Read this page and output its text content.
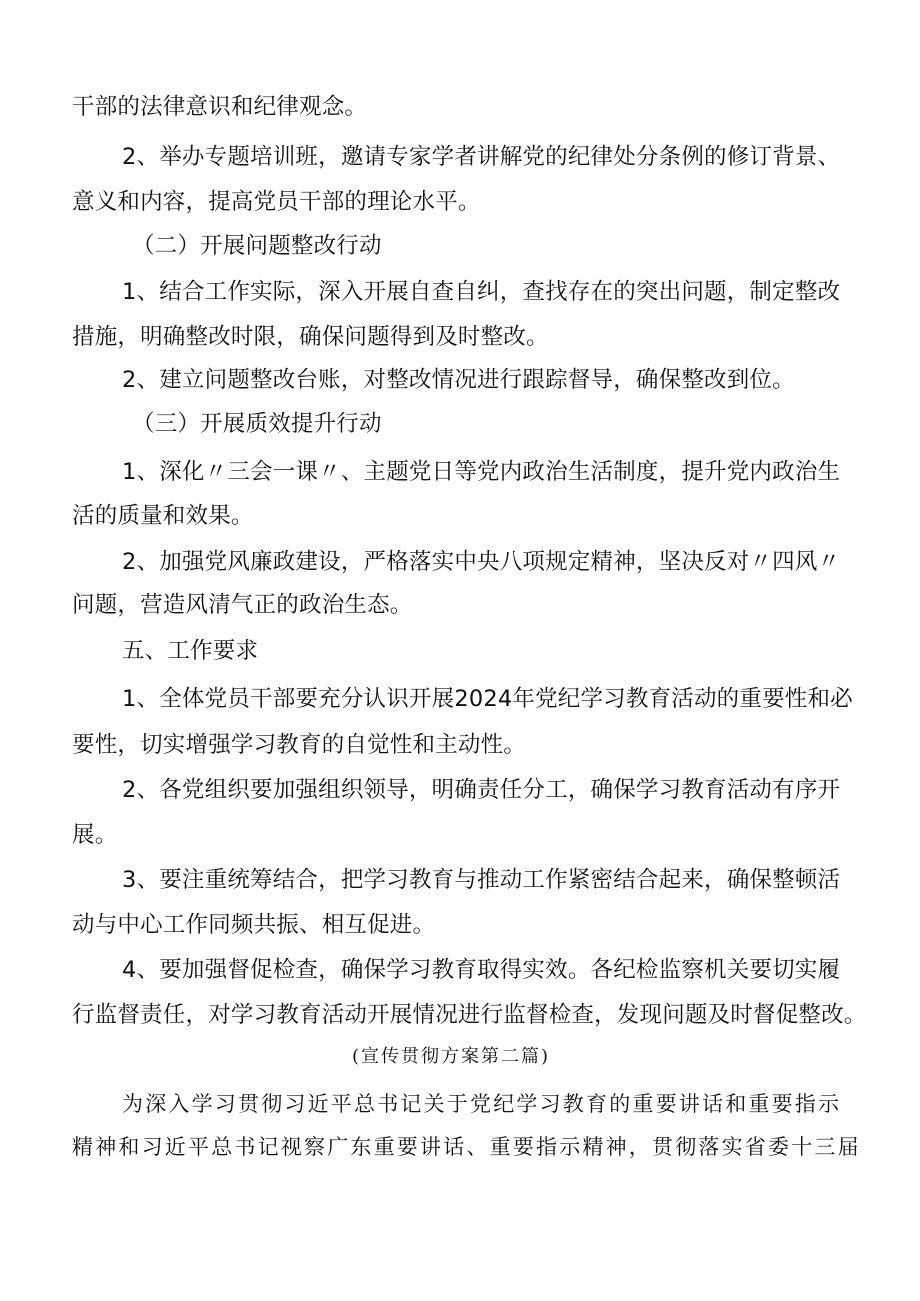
干部的法律意识和纪律观念。
2、举办专题培训班，邀请专家学者讲解党的纪律处分条例的修订背景、
意义和内容，提高党员干部的理论水平。
（二）开展问题整改行动
1、结合工作实际，深入开展自查自纠，查找存在的突出问题，制定整改
措施，明确整改时限，确保问题得到及时整改。
2、建立问题整改台账，对整改情况进行跟踪督导，确保整改到位。
（三）开展质效提升行动
1、深化〃三会一课〃、主题党日等党内政治生活制度，提升党内政治生
活的质量和效果。
2、加强党风廉政建设，严格落实中央八项规定精神，坚决反对〃四风〃
问题，营造风清气正的政治生态。
五、工作要求
1、全体党员干部要充分认识开展2024年党纪学习教育活动的重要性和必
要性，切实增强学习教育的自觉性和主动性。
2、各党组织要加强组织领导，明确责任分工，确保学习教育活动有序开
展。
3、要注重统筹结合，把学习教育与推动工作紧密结合起来，确保整顿活
动与中心工作同频共振、相互促进。
4、要加强督促检查，确保学习教育取得实效。各纪检监察机关要切实履
行监督责任，对学习教育活动开展情况进行监督检查，发现问题及时督促整改。
(宣传贯彻方案第二篇)
为深入学习贯彻习近平总书记关于党纪学习教育的重要讲话和重要指示
精神和习近平总书记视察广东重要讲话、重要指示精神，贯彻落实省委十三届
